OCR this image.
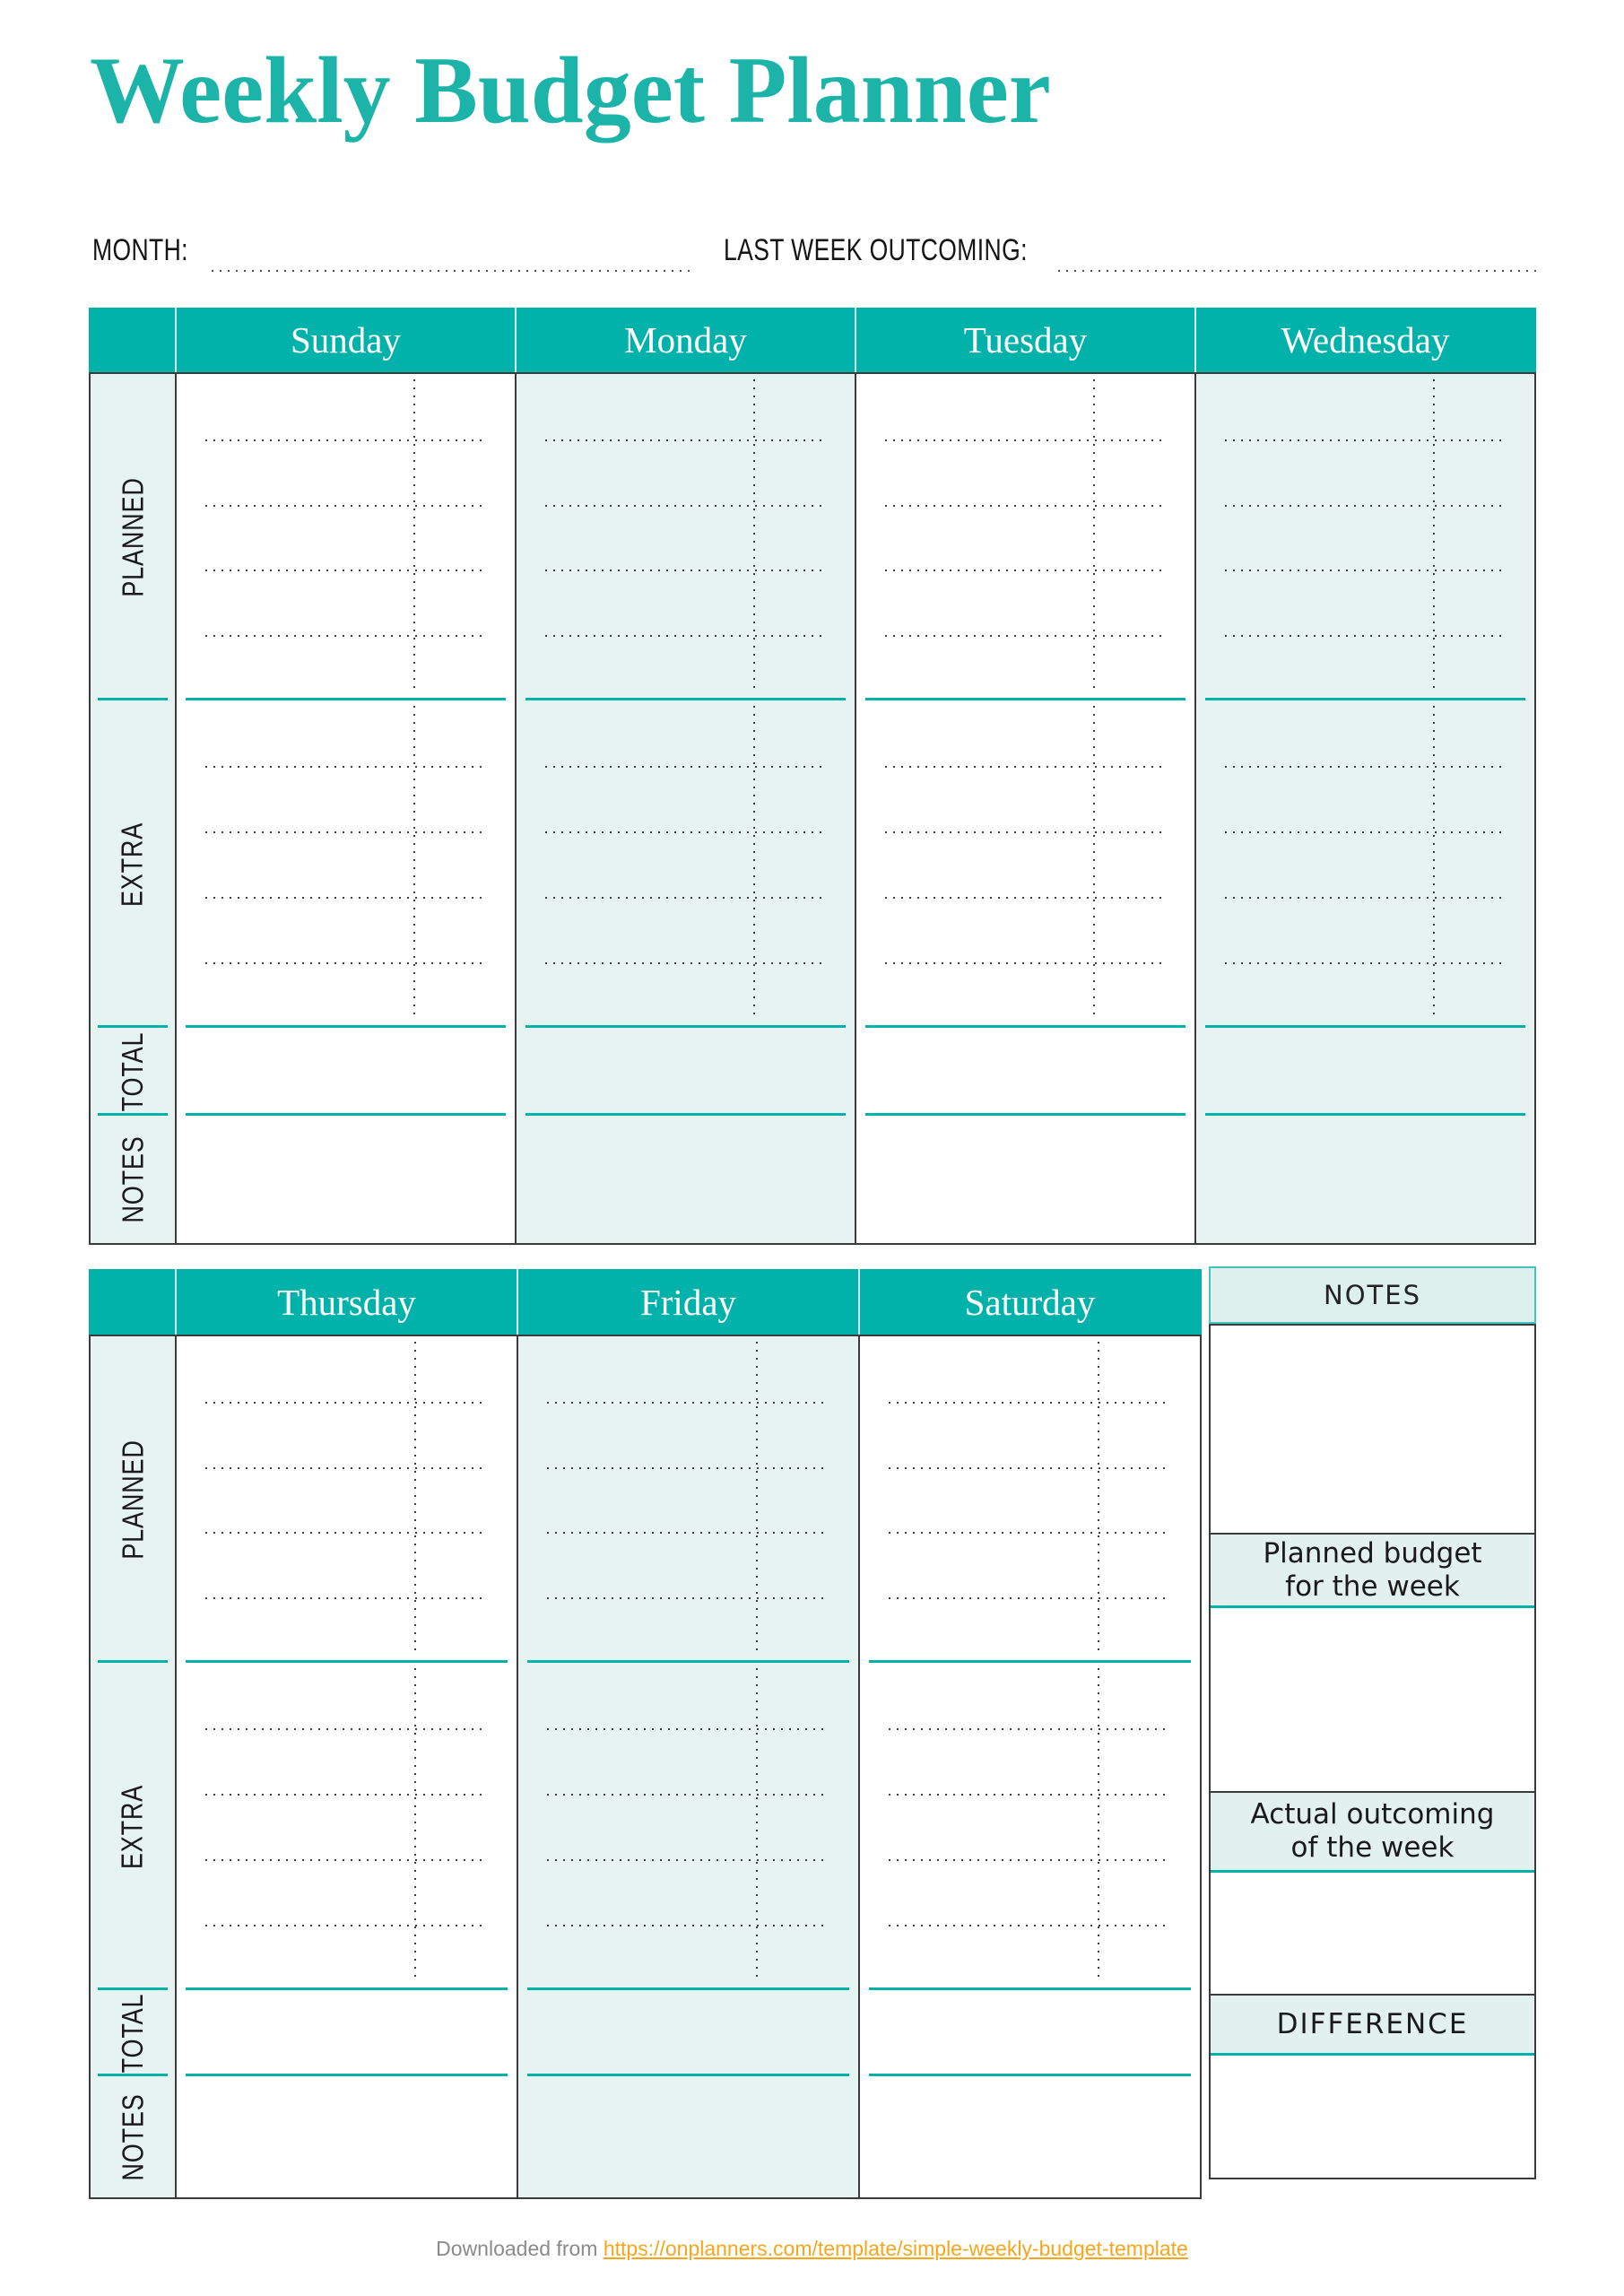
Weekly Budget Planner
MONTH:	LAST WEEK OUTCOMING:
Sunday	Monday	Tuesday	Wednesday
PLANNED
EXTRA
TOTAL
NOTES
Thursday	Friday	Saturday
PLANNED
EXTRA
TOTAL
NOTES
NOTES
Planned budget for the week
Actual outcoming of the week
DIFFERENCE
Downloaded from https://onplanners.com/template/simple-weekly-budget-template
